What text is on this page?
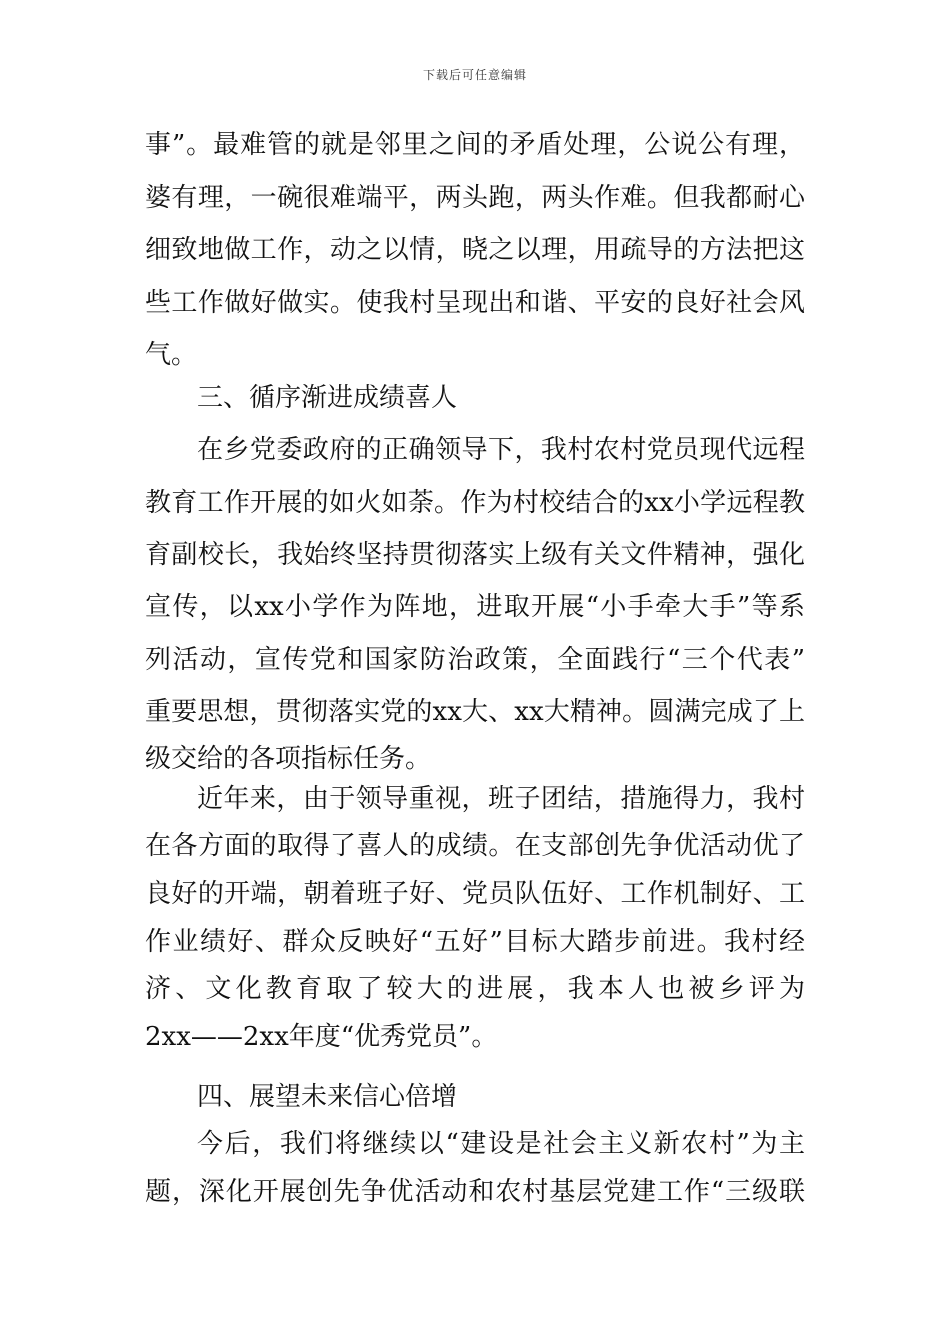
下载后可任意编辑
事”。最难管的就是邻里之间的矛盾处理，公说公有理，
婆有理，一碗很难端平，两头跑，两头作难。但我都耐心
细致地做工作，动之以情，晓之以理，用疏导的方法把这
些工作做好做实。使我村呈现出和谐、平安的良好社会风
气。
三、循序渐进成绩喜人
在乡党委政府的正确领导下，我村农村党员现代远程
教育工作开展的如火如荼。作为村校结合的xx小学远程教
育副校长，我始终坚持贯彻落实上级有关文件精神，强化
宣传，以xx小学作为阵地，进取开展“小手牵大手”等系
列活动，宣传党和国家防治政策，全面践行“三个代表”
重要思想，贯彻落实党的xx大、xx大精神。圆满完成了上
级交给的各项指标任务。
近年来，由于领导重视，班子团结，措施得力，我村
在各方面的取得了喜人的成绩。在支部创先争优活动优了
良好的开端，朝着班子好、党员队伍好、工作机制好、工
作业绩好、群众反映好“五好”目标大踏步前进。我村经
济、文化教育取了较大的进展，我本人也被乡评为
2xx——2xx年度“优秀党员”。
四、展望未来信心倍增
今后，我们将继续以“建设是社会主义新农村”为主
题，深化开展创先争优活动和农村基层党建工作“三级联
